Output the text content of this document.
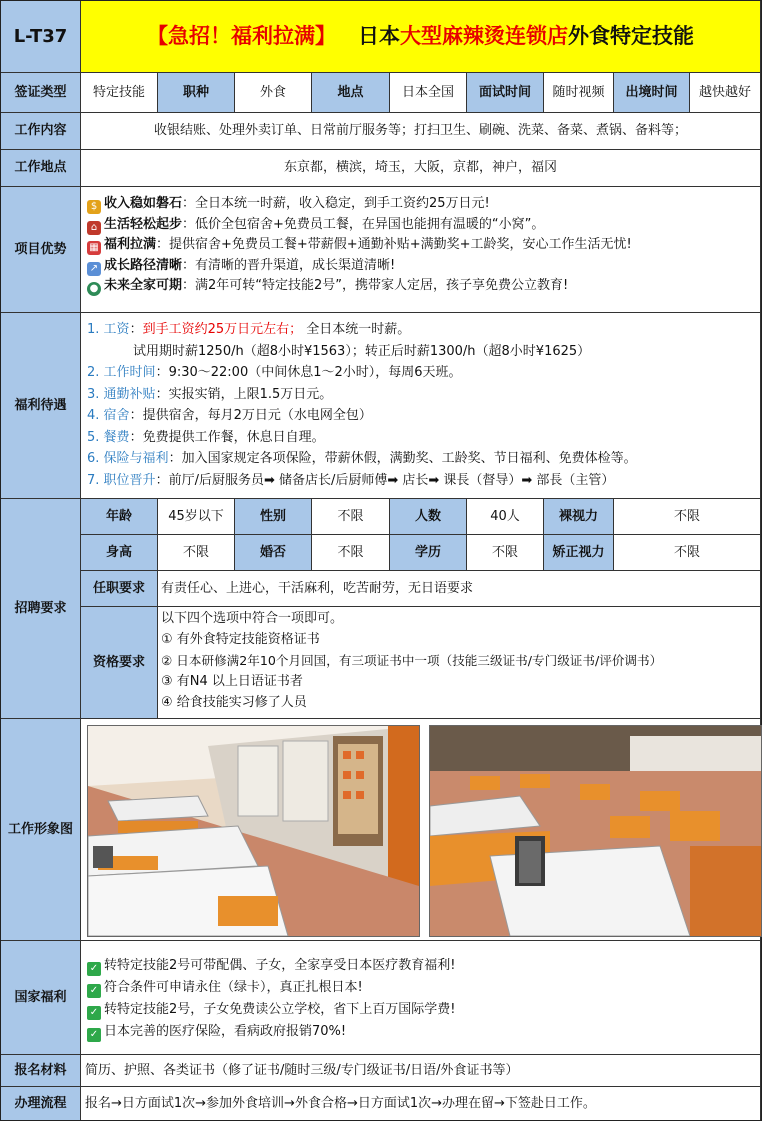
L-T37	【急招！福利拉满】 日本 大型麻辣烫连锁店 外食特定技能
签证类型	特定技能	职种	外食	地点	日本全国	面试时间	随时视频	出境时间	越快越好
工作内容	收银结账、处理外卖订单、日常前厅服务等；打扫卫生、刷碗、洗菜、备菜、煮锅、备料等；
工作地点	东京都，横滨，埼玉，大阪，京都，神户，福冈
项目优势
$ 收入稳如磐石：全日本统一时薪，收入稳定，到手工资约25万日元!
⌂ 生活轻松起步：低价全包宿舍+免费员工餐，在异国也能拥有温暖的“小窝”。
▦ 福利拉满：提供宿舍+免费员工餐+带薪假+通勤补贴+满勤奖+工龄奖，安心工作生活无忧!
↗ 成长路径清晰：有清晰的晋升渠道，成长渠道清晰!
● 未来全家可期：满2年可转“特定技能2号”，携带家人定居，孩子享免费公立教育!
福利待遇
1. 工资：到手工资约25万日元左右； 全日本统一时薪。
试用期时薪1250/h（超8小时¥1563）；转正后时薪1300/h（超8小时¥1625）
2. 工作时间：9:30～22:00（中间休息1～2小时），每周6天班。
3. 通勤补贴：实报实销，上限1.5万日元。
4. 宿舍：提供宿舍，每月2万日元（水电网全包）
5. 餐费：免费提供工作餐，休息日自理。
6. 保险与福利：加入国家规定各项保险，带薪休假，满勤奖、工龄奖、节日福利、免费体检等。
7. 职位晋升：前厅/后厨服务员➡ 储备店长/后厨师傅➡ 店长➡ 课長（督导）➡ 部長（主管）
招聘要求
年龄	45岁以下	性别	不限	人数	40人	裸视力	不限
身高	不限	婚否	不限	学历	不限	矫正视力	不限
任职要求	有责任心、上进心，干活麻利，吃苦耐劳，无日语要求
资格要求
以下四个选项中符合一项即可。
① 有外食特定技能资格证书
② 日本研修满2年10个月回国，有三项证书中一项（技能三级证书/专门级证书/评价调书）
③ 有N4 以上日语证书者
④ 给食技能实习修了人员
工作形象图
国家福利
✓ 转特定技能2号可带配偶、子女，全家享受日本医疗教育福利!
✓ 符合条件可申请永住（绿卡），真正扎根日本!
✓ 转特定技能2号，子女免费读公立学校，省下上百万国际学费!
✓ 日本完善的医疗保险，看病政府报销70%!
报名材料	简历、护照、各类证书（修了证书/随时三级/专门级证书/日语/外食证书等）
办理流程	报名→日方面试1次→参加外食培训→外食合格→日方面试1次→办理在留→下签赴日工作。
